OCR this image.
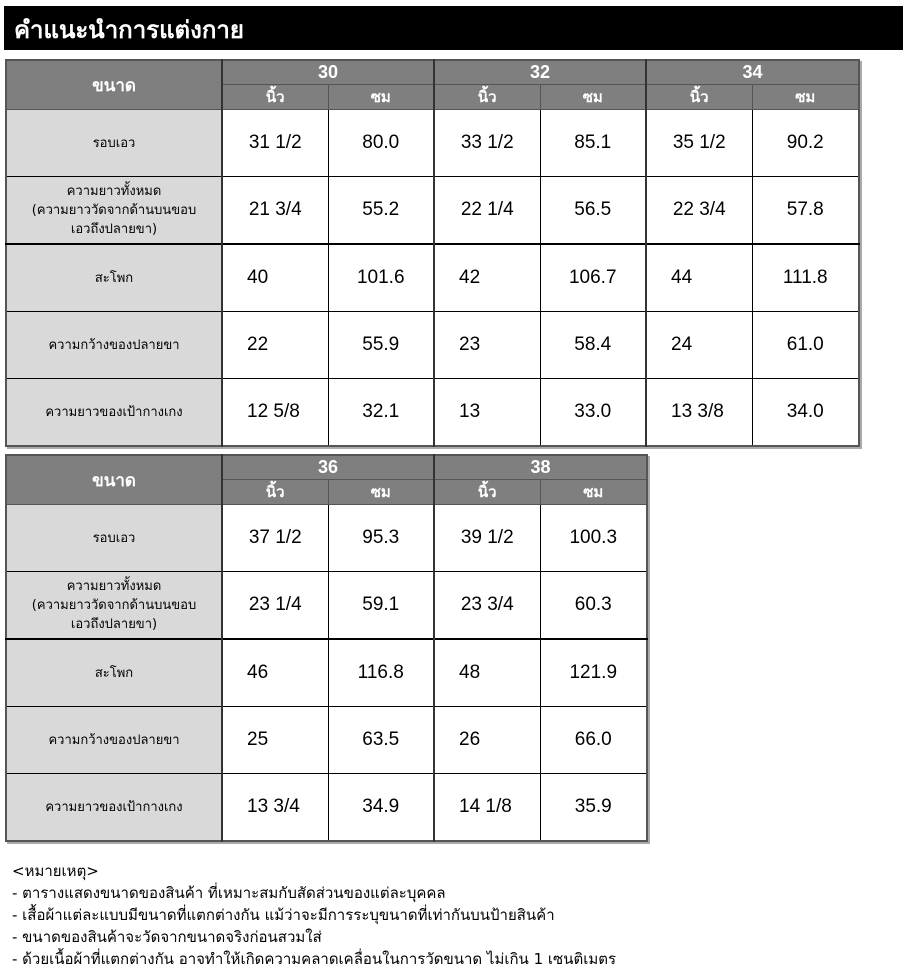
คำแนะนำการแต่งกาย
ขนาด	30		32		34	
	นิ้ว	ซม	นิ้ว	ซม	นิ้ว	ซม
รอบเอว	31 1/2	80.0	33 1/2	85.1	35 1/2	90.2
ความยาวทั้งหมด
(ความยาววัดจากด้านบนขอบ
เอวถึงปลายขา)	21 3/4	55.2	22 1/4	56.5	22 3/4	57.8
สะโพก	40	101.6	42	106.7	44	111.8
ความกว้างของปลายขา	22	55.9	23	58.4	24	61.0
ความยาวของเป้ากางเกง	12 5/8	32.1	13	33.0	13 3/8	34.0
ขนาด	36		38	
	นิ้ว	ซม	นิ้ว	ซม
รอบเอว	37 1/2	95.3	39 1/2	100.3
ความยาวทั้งหมด
(ความยาววัดจากด้านบนขอบ
เอวถึงปลายขา)	23 1/4	59.1	23 3/4	60.3
สะโพก	46	116.8	48	121.9
ความกว้างของปลายขา	25	63.5	26	66.0
ความยาวของเป้ากางเกง	13 3/4	34.9	14 1/8	35.9

<หมายเหตุ>

- ตารางแสดงขนาดของสินค้า ที่เหมาะสมกับสัดส่วนของแต่ละบุคคล
- เสื้อผ้าแต่ละแบบมีขนาดที่แตกต่างกัน แม้ว่าจะมีการระบุขนาดที่เท่ากันบนป้ายสินค้า
- ขนาดของสินค้าจะวัดจากขนาดจริงก่อนสวมใส่
- ด้วยเนื้อผ้าที่แตกต่างกัน อาจทำให้เกิดความคลาดเคลื่อนในการวัดขนาด ไม่เกิน 1 เซนติเมตร
